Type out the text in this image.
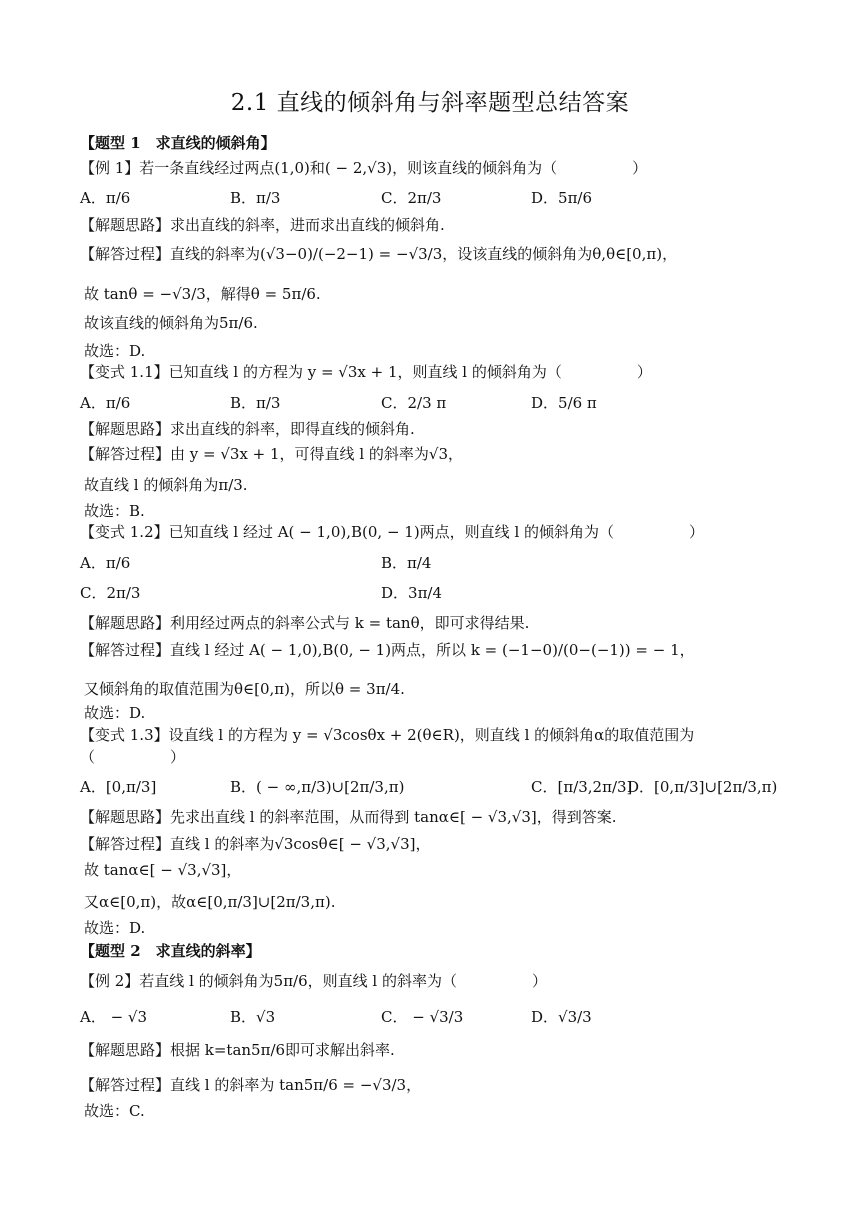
2.1 直线的倾斜角与斜率题型总结答案
【题型 1　求直线的倾斜角】
【例 1】若一条直线经过两点(1,0)和( − 2,√3)，则该直线的倾斜角为（　　　　　）
【解题思路】求出直线的斜率，进而求出直线的倾斜角.
【解答过程】直线的斜率为(√3−0)/(−2−1) = −√3/3，设该直线的倾斜角为θ,θ∈[0,π)，
故 tanθ = −√3/3，解得θ = 5π/6.
故该直线的倾斜角为5π/6.
故选：D.
【变式 1.1】已知直线 l 的方程为 y = √3x + 1，则直线 l 的倾斜角为（　　　　　）
【解题思路】求出直线的斜率，即得直线的倾斜角.
【解答过程】由 y = √3x + 1，可得直线 l 的斜率为√3，
故直线 l 的倾斜角为π/3.
故选：B.
【变式 1.2】已知直线 l 经过 A( − 1,0),B(0, − 1)两点，则直线 l 的倾斜角为（　　　　　）
【解题思路】利用经过两点的斜率公式与 k = tanθ，即可求得结果.
【解答过程】直线 l 经过 A( − 1,0),B(0, − 1)两点，所以 k = (−1−0)/(0−(−1)) = − 1，
又倾斜角的取值范围为θ∈[0,π)，所以θ = 3π/4.
故选：D.
【变式 1.3】设直线 l 的方程为 y = √3cosθx + 2(θ∈R)，则直线 l 的倾斜角α的取值范围为
（　　　　　）
【解题思路】先求出直线 l 的斜率范围，从而得到 tanα∈[ − √3,√3]，得到答案.
【解答过程】直线 l 的斜率为√3cosθ∈[ − √3,√3]，
故 tanα∈[ − √3,√3]，
又α∈[0,π)，故α∈[0,π/3]∪[2π/3,π).
故选：D.
【题型 2　求直线的斜率】
【例 2】若直线 l 的倾斜角为5π/6，则直线 l 的斜率为（　　　　　）
【解题思路】根据 k=tan5π/6即可求解出斜率.
【解答过程】直线 l 的斜率为 tan5π/6 = −√3/3，
故选：C.
A．π/6	B．π/3	C．2π/3	D．5π/6
A．π/6	B．π/3	C．2/3 π	D．5/6 π
A．π/6	B．π/4
C．2π/3	D．3π/4
A．[0,π/3]	B．( − ∞,π/3)∪[2π/3,π)	C．[π/3,2π/3]
D．[0,π/3]∪[2π/3,π)
A． − √3	B．√3	C． − √3/3	D．√3/3
